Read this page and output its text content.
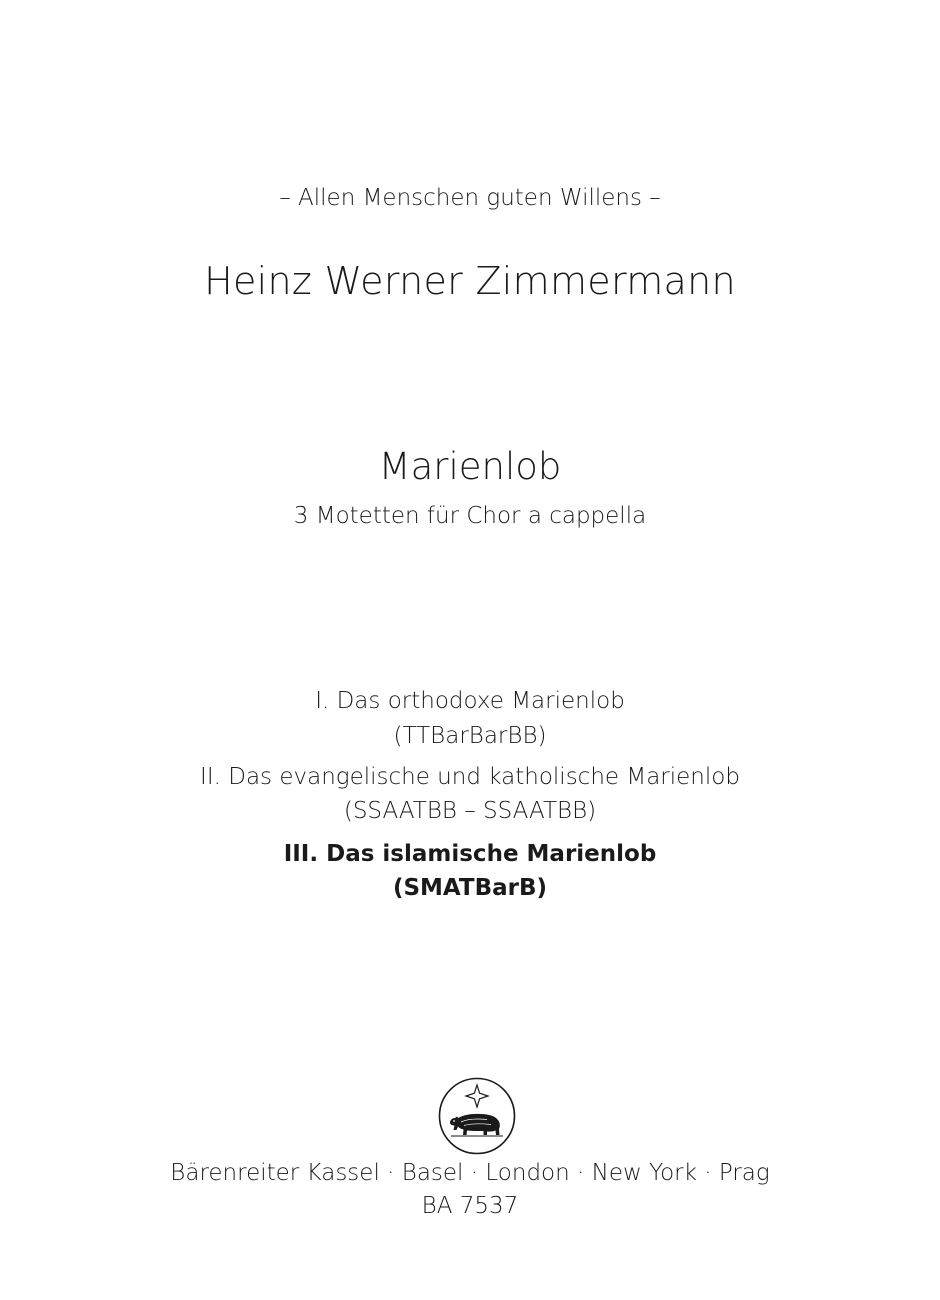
– Allen Menschen guten Willens –
Heinz Werner Zimmermann
Marienlob
3 Motetten für Chor a cappella
I. Das orthodoxe Marienlob
(TTBarBarBB)
II. Das evangelische und katholische Marienlob
(SSAATBB – SSAATBB)
III. Das islamische Marienlob
(SMATBarB)
Bärenreiter Kassel · Basel · London · New York · Prag
BA 7537
